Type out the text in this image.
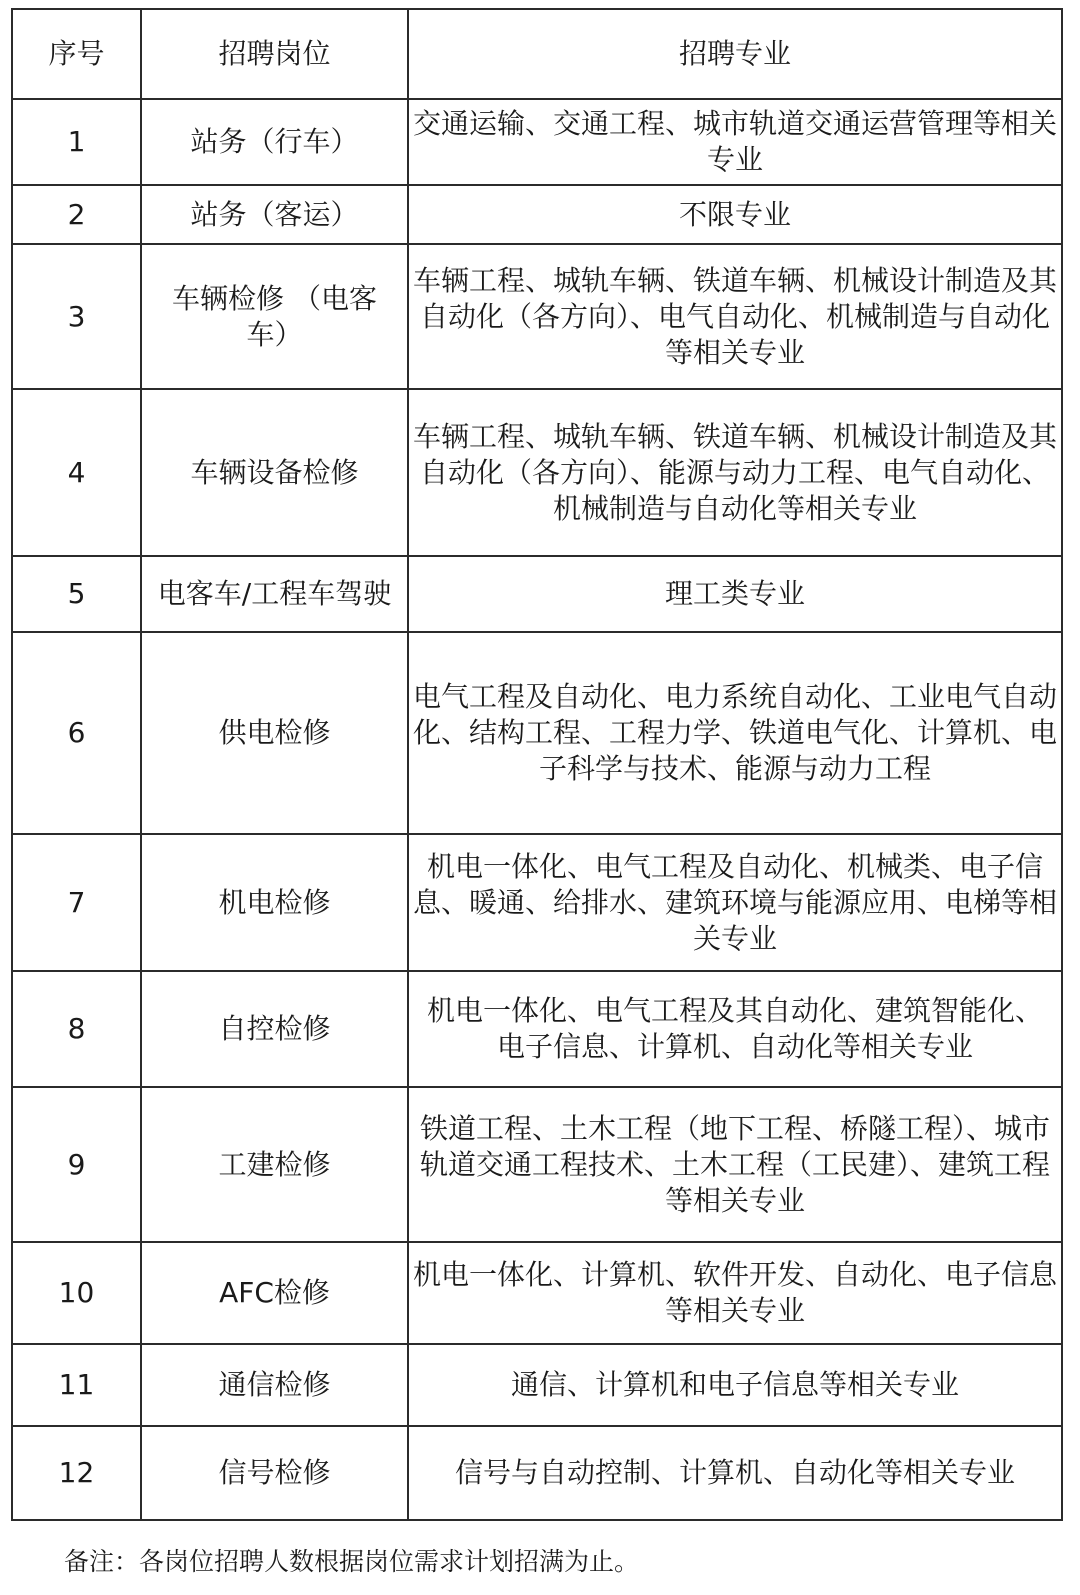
序号	招聘岗位	招聘专业
1	站务（行车）	交通运输、交通工程、城市轨道交通运营管理等相关专业
2	站务（客运）	不限专业
3	车辆检修 （电客车）	车辆工程、城轨车辆、铁道车辆、机械设计制造及其自动化（各方向）、电气自动化、机械制造与自动化等相关专业
4	车辆设备检修	车辆工程、城轨车辆、铁道车辆、机械设计制造及其自动化（各方向）、能源与动力工程、电气自动化、机械制造与自动化等相关专业
5	电客车/工程车驾驶	理工类专业
6	供电检修	电气工程及自动化、电力系统自动化、工业电气自动化、结构工程、工程力学、铁道电气化、计算机、电子科学与技术、能源与动力工程
7	机电检修	机电一体化、电气工程及自动化、机械类、电子信息、暖通、给排水、建筑环境与能源应用、电梯等相关专业
8	自控检修	机电一体化、电气工程及其自动化、建筑智能化、电子信息、计算机、自动化等相关专业
9	工建检修	铁道工程、土木工程（地下工程、桥隧工程）、城市轨道交通工程技术、土木工程（工民建）、建筑工程等相关专业
10	AFC检修	机电一体化、计算机、软件开发、自动化、电子信息等相关专业
11	通信检修	通信、计算机和电子信息等相关专业
12	信号检修	信号与自动控制、计算机、自动化等相关专业
备注：各岗位招聘人数根据岗位需求计划招满为止。
